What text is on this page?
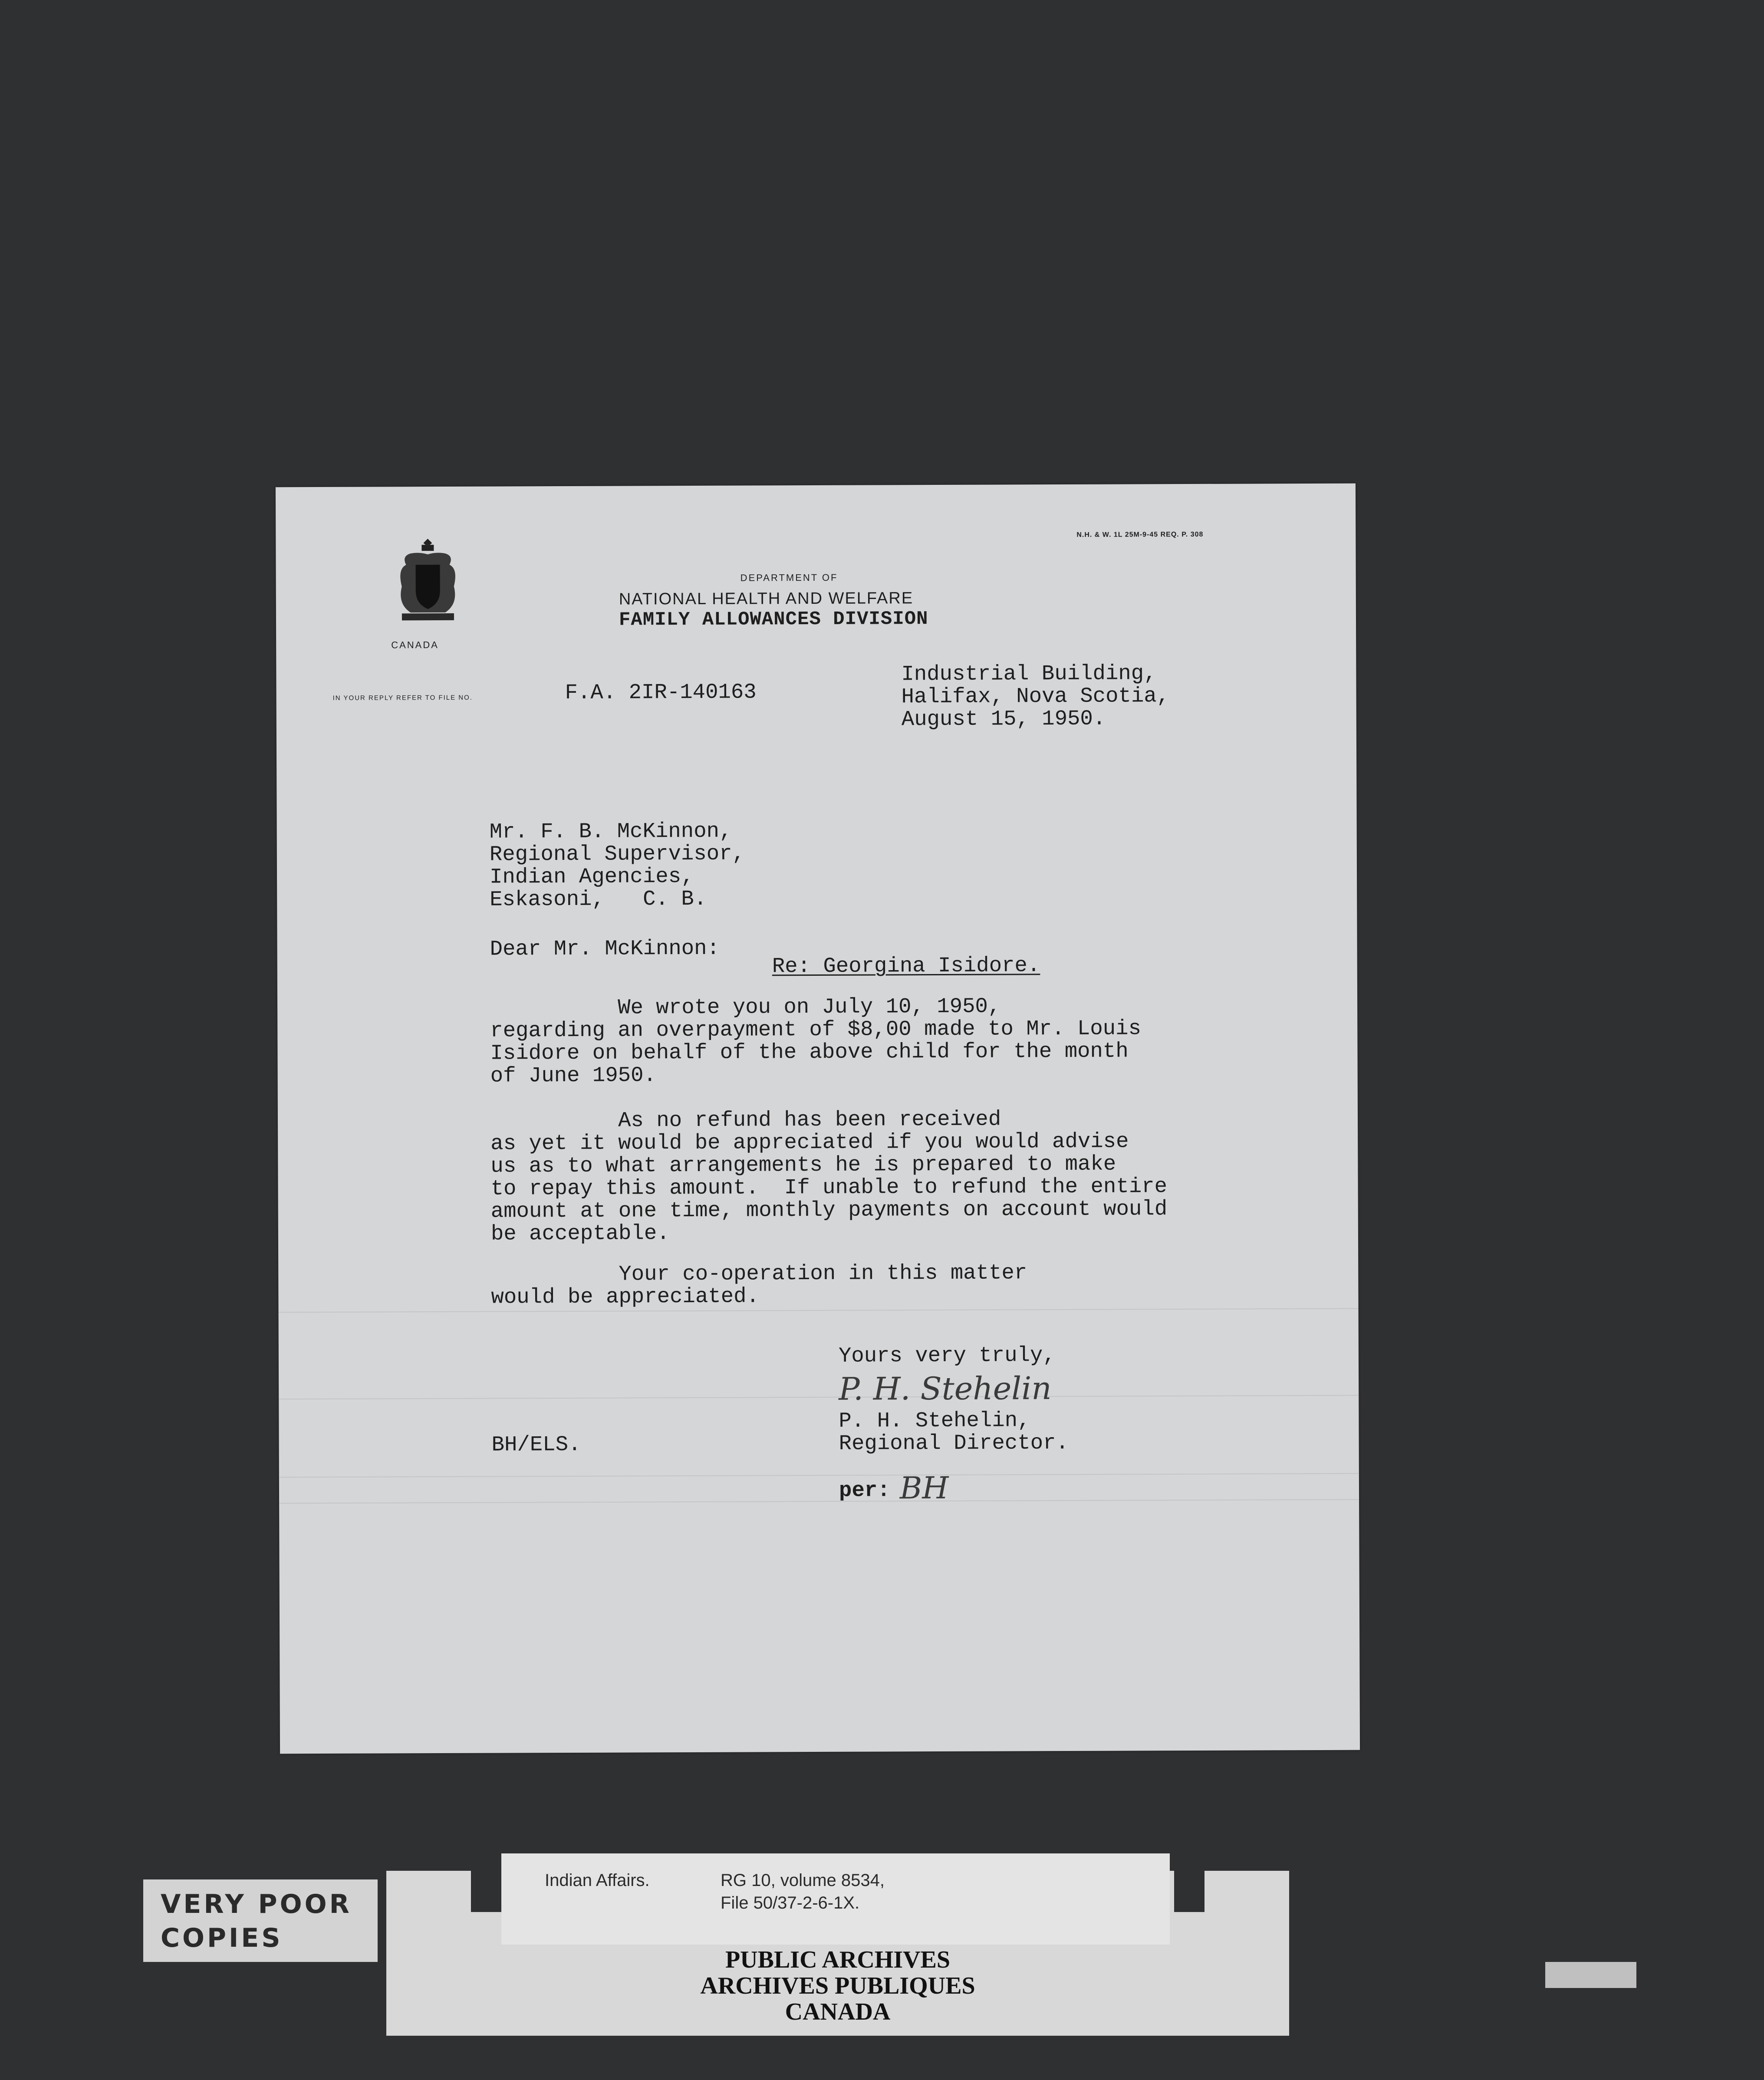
N.H. & W. 1L 25M-9-45 REQ. P. 308
CANADA
DEPARTMENT OF
NATIONAL HEALTH AND WELFARE
FAMILY ALLOWANCES DIVISION
IN YOUR REPLY REFER TO FILE NO.	F.A. 2IR-140163
Industrial Building,
Halifax, Nova Scotia,
August 15, 1950.
Mr. F. B. McKinnon,
Regional Supervisor,
Indian Agencies,
Eskasoni,   C. B.
Dear Mr. McKinnon:
Re: Georgina Isidore.
We wrote you on July 10, 1950,
regarding an overpayment of $8,00 made to Mr. Louis
Isidore on behalf of the above child for the month
of June 1950.
As no refund has been received
as yet it would be appreciated if you would advise
us as to what arrangements he is prepared to make
to repay this amount.  If unable to refund the entire
amount at one time, monthly payments on account would
be acceptable.
Your co-operation in this matter
would be appreciated.
Yours very truly,
P. H. Stehelin
P. H. Stehelin,
Regional Director.
BH/ELS.
per: BH
VERY POOR
COPIES
Indian Affairs.	RG 10, volume 8534,
File 50/37-2-6-1X.
PUBLIC ARCHIVES
ARCHIVES PUBLIQUES
CANADA
